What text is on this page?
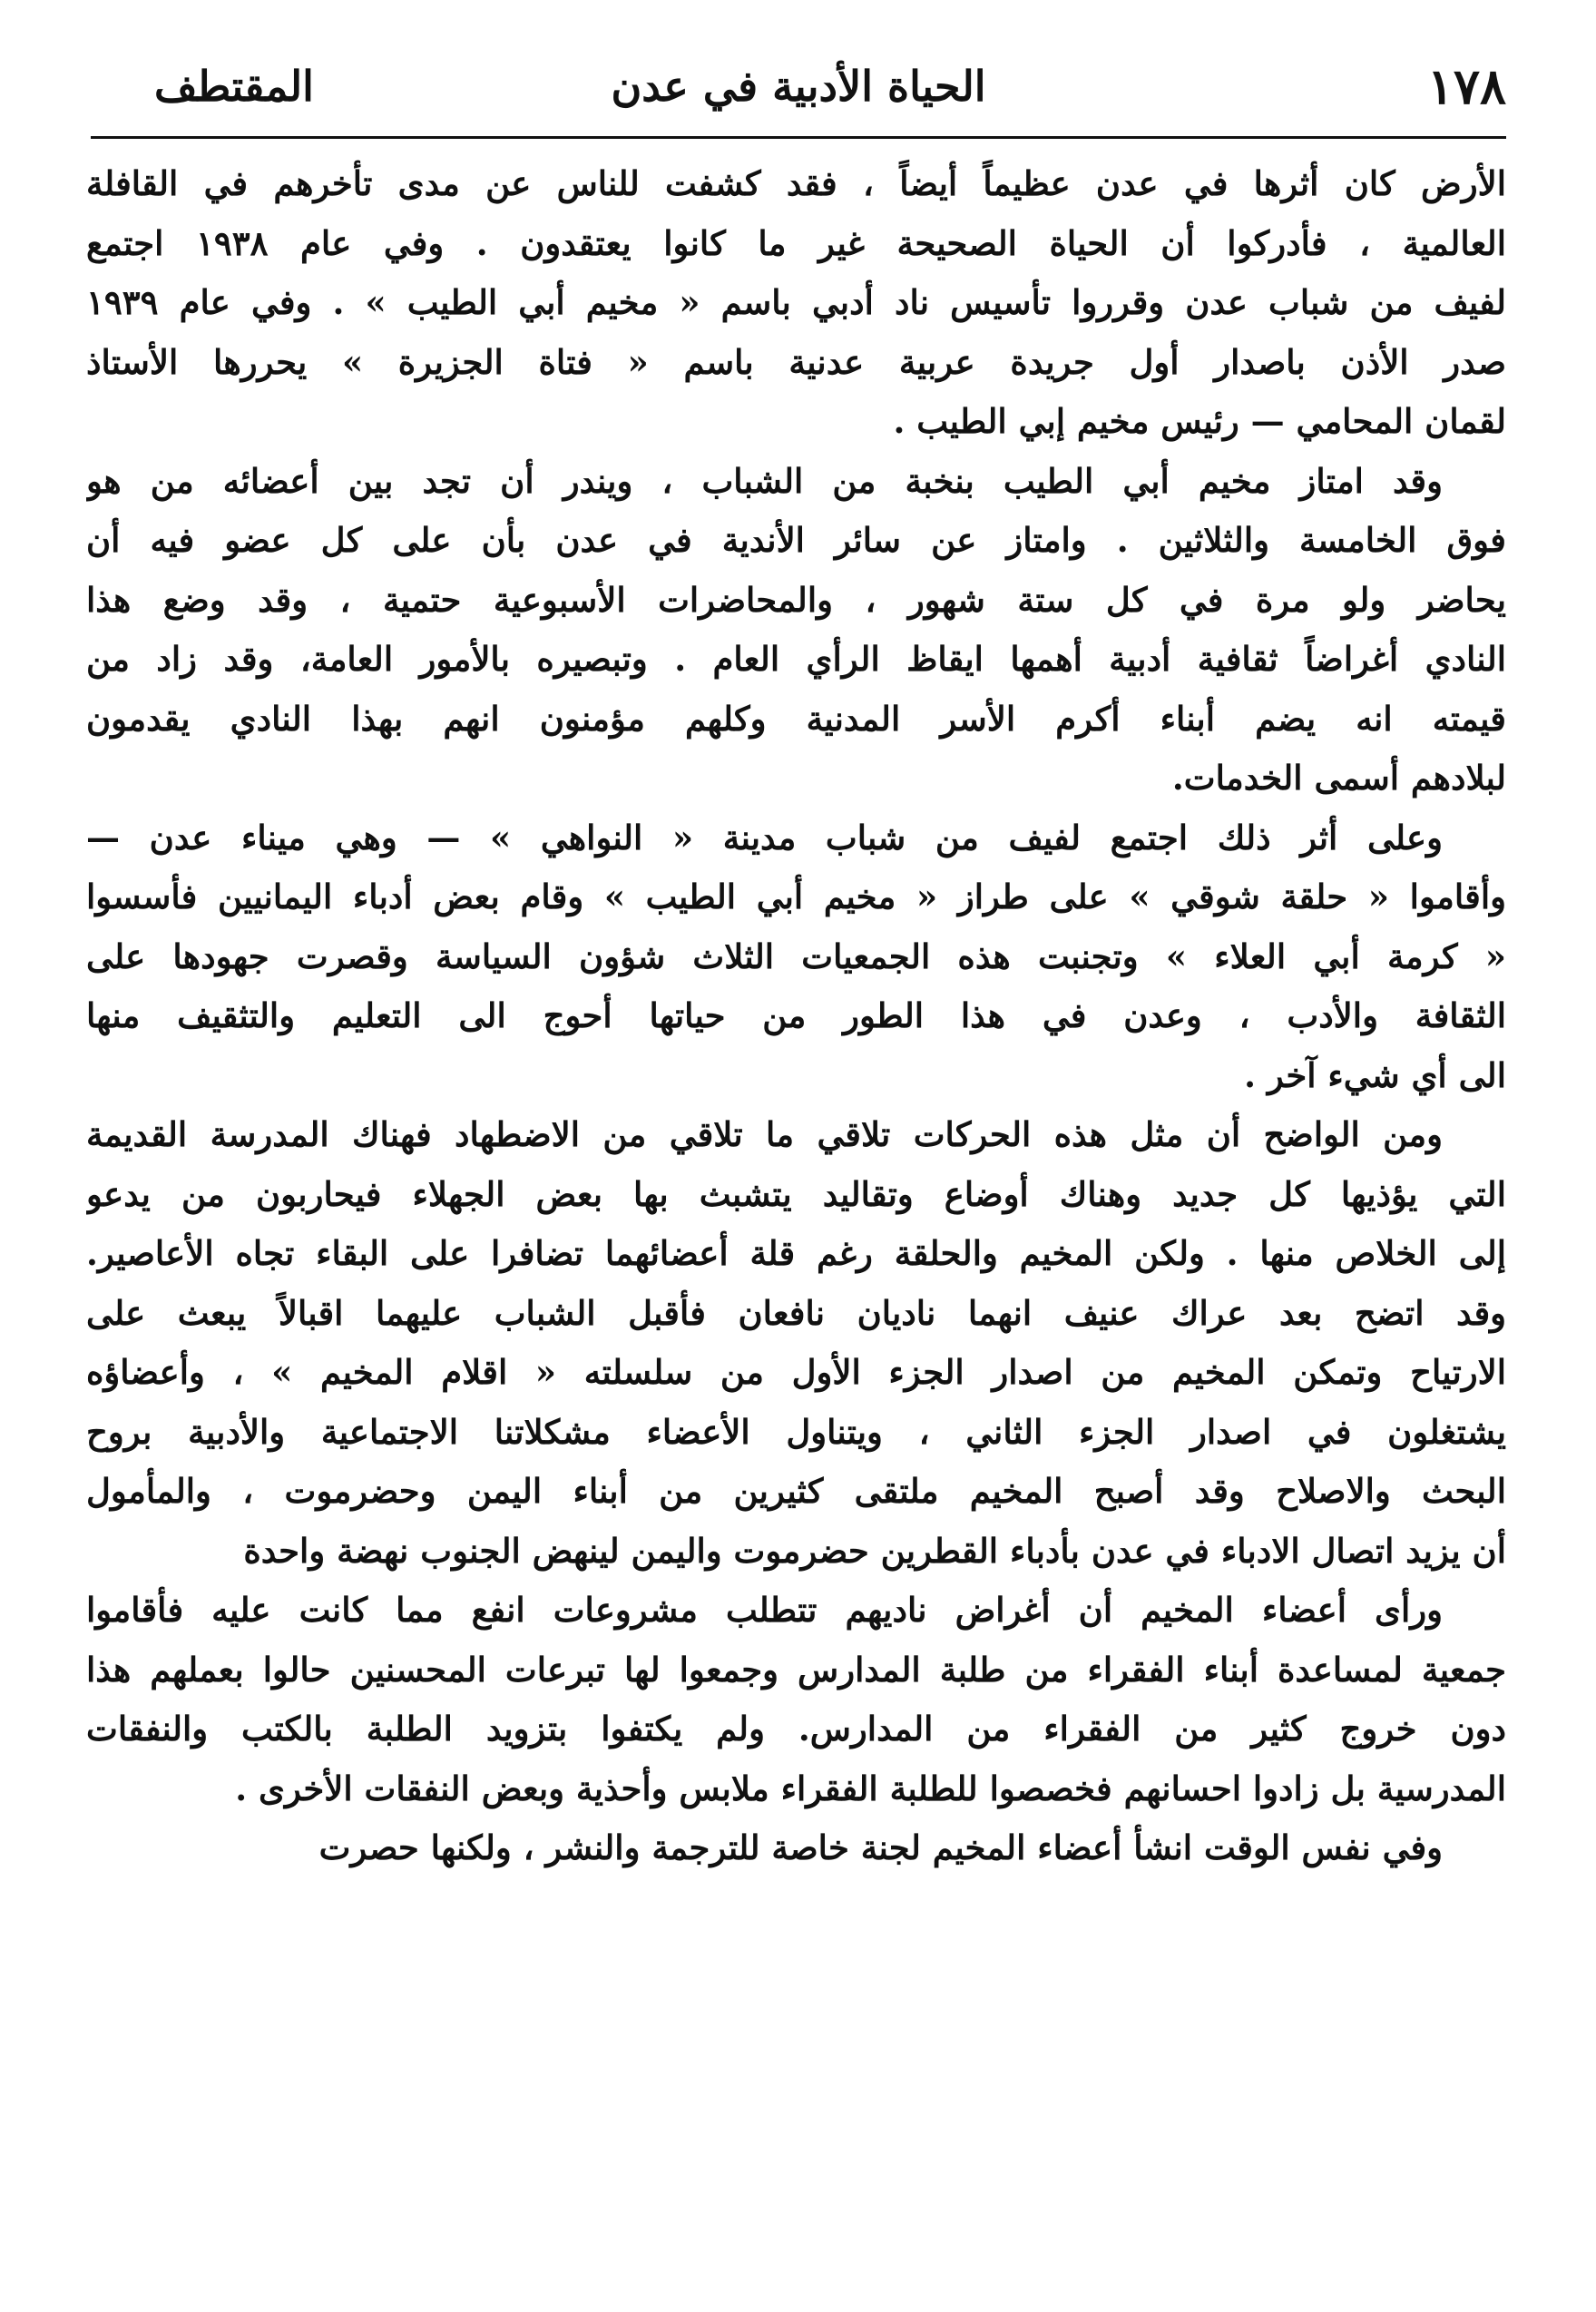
١٧٨
الحياة الأدبية في عدن
المقتطف
الأرض كان أثرها في عدن عظيماً أيضاً ، فقد كشفت للناس عن مدى تأخرهم في القافلة
العالمية ، فأدركوا أن الحياة الصحيحة غير ما كانوا يعتقدون . وفي عام ١٩٣٨ اجتمع
لفيف من شباب عدن وقرروا تأسيس ناد أدبي باسم « مخيم أبي الطيب » . وفي عام ١٩٣٩
صدر الأذن باصدار أول جريدة عربية عدنية باسم « فتاة الجزيرة » يحررها الأستاذ
لقمان المحامي — رئيس مخيم إبي الطيب .
وقد امتاز مخيم أبي الطيب بنخبة من الشباب ، ويندر أن تجد بين أعضائه من هو
فوق الخامسة والثلاثين . وامتاز عن سائر الأندية في عدن بأن على كل عضو فيه أن
يحاضر ولو مرة في كل ستة شهور ، والمحاضرات الأسبوعية حتمية ، وقد وضع هذا
النادي أغراضاً ثقافية أدبية أهمها ايقاظ الرأي العام . وتبصيره بالأمور العامة، وقد زاد من
قيمته انه يضم أبناء أكرم الأسر المدنية وكلهم مؤمنون انهم بهذا النادي يقدمون
لبلادهم أسمى الخدمات.
وعلى أثر ذلك اجتمع لفيف من شباب مدينة « النواهي » — وهي ميناء عدن —
وأقاموا « حلقة شوقي » على طراز « مخيم أبي الطيب » وقام بعض أدباء اليمانيين فأسسوا
« كرمة أبي العلاء » وتجنبت هذه الجمعيات الثلاث شؤون السياسة وقصرت جهودها على
الثقافة والأدب ، وعدن في هذا الطور من حياتها أحوج الى التعليم والتثقيف منها
الى أي شيء آخر .
ومن الواضح أن مثل هذه الحركات تلاقي ما تلاقي من الاضطهاد فهناك المدرسة القديمة
التي يؤذيها كل جديد وهناك أوضاع وتقاليد يتشبث بها بعض الجهلاء فيحاربون من يدعو
إلى الخلاص منها . ولكن المخيم والحلقة رغم قلة أعضائهما تضافرا على البقاء تجاه الأعاصير.
وقد اتضح بعد عراك عنيف انهما ناديان نافعان فأقبل الشباب عليهما اقبالاً يبعث على
الارتياح وتمكن المخيم من اصدار الجزء الأول من سلسلته « اقلام المخيم » ، وأعضاؤه
يشتغلون في اصدار الجزء الثاني ، ويتناول الأعضاء مشكلاتنا الاجتماعية والأدبية بروح
البحث والاصلاح وقد أصبح المخيم ملتقى كثيرين من أبناء اليمن وحضرموت ، والمأمول
أن يزيد اتصال الادباء في عدن بأدباء القطرين حضرموت واليمن لينهض الجنوب نهضة واحدة
ورأى أعضاء المخيم أن أغراض ناديهم تتطلب مشروعات انفع مما كانت عليه فأقاموا
جمعية لمساعدة أبناء الفقراء من طلبة المدارس وجمعوا لها تبرعات المحسنين حالوا بعملهم هذا
دون خروج كثير من الفقراء من المدارس. ولم يكتفوا بتزويد الطلبة بالكتب والنفقات
المدرسية بل زادوا احسانهم فخصصوا للطلبة الفقراء ملابس وأحذية وبعض النفقات الأخرى .
وفي نفس الوقت انشأ أعضاء المخيم لجنة خاصة للترجمة والنشر ، ولكنها حصرت
